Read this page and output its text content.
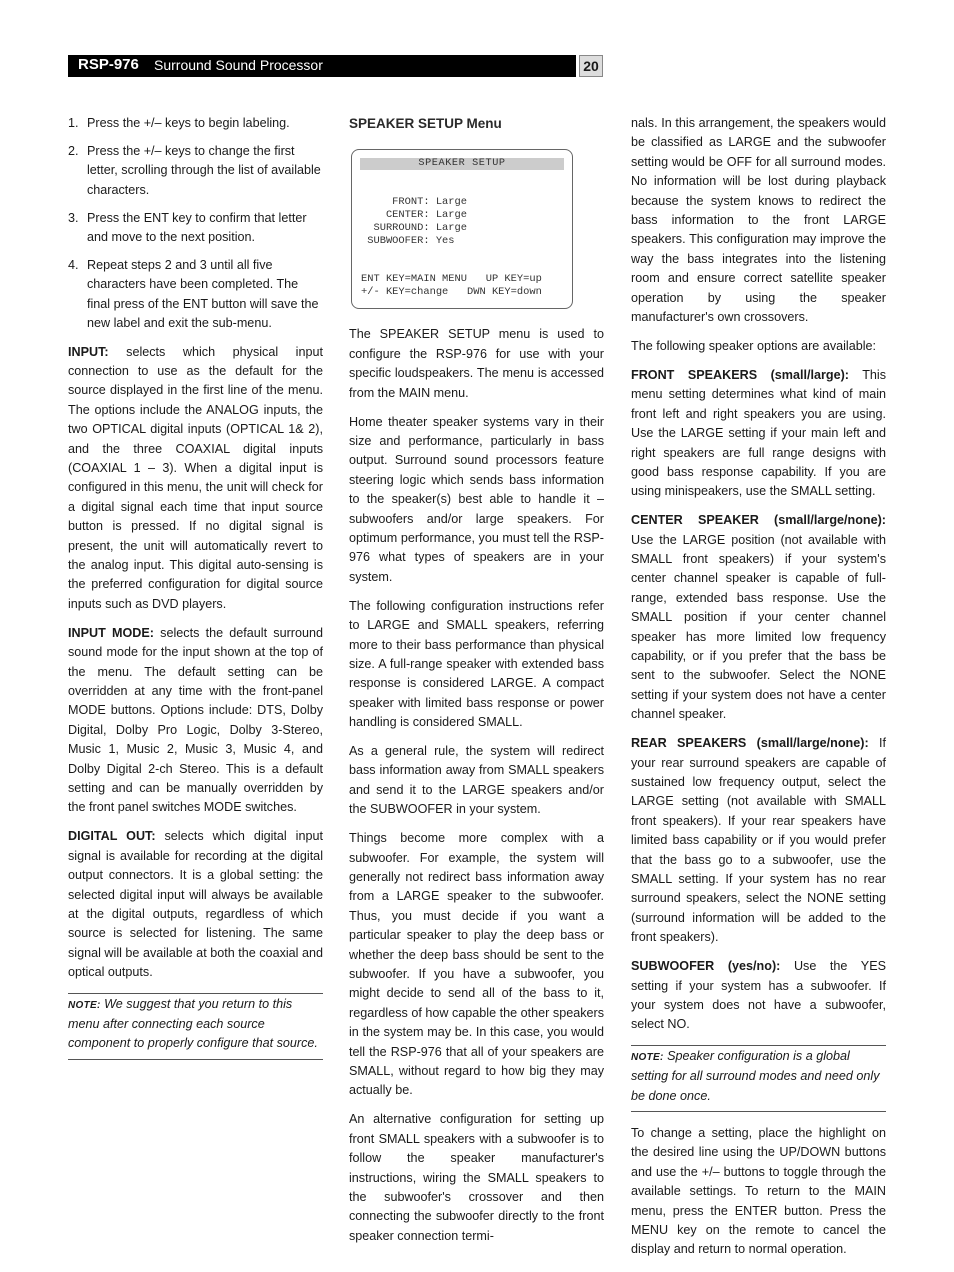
RSP-976 Surround Sound Processor	20
1. Press the +/– keys to begin labeling.
2. Press the +/– keys to change the first letter, scrolling through the list of available characters.
3. Press the ENT key to confirm that letter and move to the next position.
4. Repeat steps 2 and 3 until all five characters have been completed. The final press of the ENT button will save the new label and exit the sub-menu.

INPUT: selects which physical input connection to use as the default for the source displayed in the first line of the menu. The options include the ANALOG inputs, the two OPTICAL digital inputs (OPTICAL 1& 2), and the three COAXIAL digital inputs (COAXIAL 1 – 3). When a digital input is configured in this menu, the unit will check for a digital signal each time that input source button is pressed. If no digital signal is present, the unit will automatically revert to the analog input. This digital auto-sensing is the preferred configuration for digital source inputs such as DVD players.

INPUT MODE: selects the default surround sound mode for the input shown at the top of the menu. The default setting can be overridden at any time with the front-panel MODE buttons. Options include: DTS, Dolby Digital, Dolby Pro Logic, Dolby 3-Stereo, Music 1, Music 2, Music 3, Music 4, and Dolby Digital 2-ch Stereo. This is a default setting and can be manually overridden by the front panel switches MODE switches.

DIGITAL OUT: selects which digital input signal is available for recording at the digital output connectors. It is a global setting: the selected digital input will always be available at the digital outputs, regardless of which source is selected for listening. The same signal will be available at both the coaxial and optical outputs.

NOTE: We suggest that you return to this menu after connecting each source component to properly configure that source.
SPEAKER SETUP Menu
SPEAKER SETUP
FRONT: Large
CENTER: Large
SURROUND: Large
SUBWOOFER: Yes
ENT KEY=MAIN MENU   UP KEY=up
+/- KEY=change   DWN KEY=down

The SPEAKER SETUP menu is used to configure the RSP-976 for use with your specific loudspeakers. The menu is accessed from the MAIN menu.

Home theater speaker systems vary in their size and performance, particularly in bass output. Surround sound processors feature steering logic which sends bass information to the speaker(s) best able to handle it – subwoofers and/or large speakers. For optimum performance, you must tell the RSP-976 what types of speakers are in your system.

The following configuration instructions refer to LARGE and SMALL speakers, referring more to their bass performance than physical size. A full-range speaker with extended bass response is considered LARGE. A compact speaker with limited bass response or power handling is considered SMALL.

As a general rule, the system will redirect bass information away from SMALL speakers and send it to the LARGE speakers and/or the SUBWOOFER in your system.

Things become more complex with a subwoofer. For example, the system will generally not redirect bass information away from a LARGE speaker to the subwoofer. Thus, you must decide if you want a particular speaker to play the deep bass or whether the deep bass should be sent to the subwoofer. If you have a subwoofer, you might decide to send all of the bass to it, regardless of how capable the other speakers in the system may be. In this case, you would tell the RSP-976 that all of your speakers are SMALL, without regard to how big they may actually be.

An alternative configuration for setting up front SMALL speakers with a subwoofer is to follow the speaker manufacturer's instructions, wiring the SMALL speakers to the subwoofer's crossover and then connecting the subwoofer directly to the front speaker connection termi-

nals. In this arrangement, the speakers would be classified as LARGE and the subwoofer setting would be OFF for all surround modes. No information will be lost during playback because the system knows to redirect the bass information to the front LARGE speakers. This configuration may improve the way the bass integrates into the listening room and ensure correct satellite speaker operation by using the speaker manufacturer's own crossovers.

The following speaker options are available:

FRONT SPEAKERS (small/large): This menu setting determines what kind of main front left and right speakers you are using. Use the LARGE setting if your main left and right speakers are full range designs with good bass response capability. If you are using minispeakers, use the SMALL setting.

CENTER SPEAKER (small/large/none): Use the LARGE position (not available with SMALL front speakers) if your system's center channel speaker is capable of full-range, extended bass response. Use the SMALL position if your center channel speaker has more limited low frequency capability, or if you prefer that the bass be sent to the subwoofer. Select the NONE setting if your system does not have a center channel speaker.

REAR SPEAKERS (small/large/none): If your rear surround speakers are capable of sustained low frequency output, select the LARGE setting (not available with SMALL front speakers). If your rear speakers have limited bass capability or if you would prefer that the bass go to a subwoofer, use the SMALL setting. If your system has no rear surround speakers, select the NONE setting (surround information will be added to the front speakers).

SUBWOOFER (yes/no): Use the YES setting if your system has a subwoofer. If your system does not have a subwoofer, select NO.

NOTE: Speaker configuration is a global setting for all surround modes and need only be done once.

To change a setting, place the highlight on the desired line using the UP/DOWN buttons and use the +/– buttons to toggle through the available settings. To return to the MAIN menu, press the ENTER button. Press the MENU key on the remote to cancel the display and return to normal operation.
